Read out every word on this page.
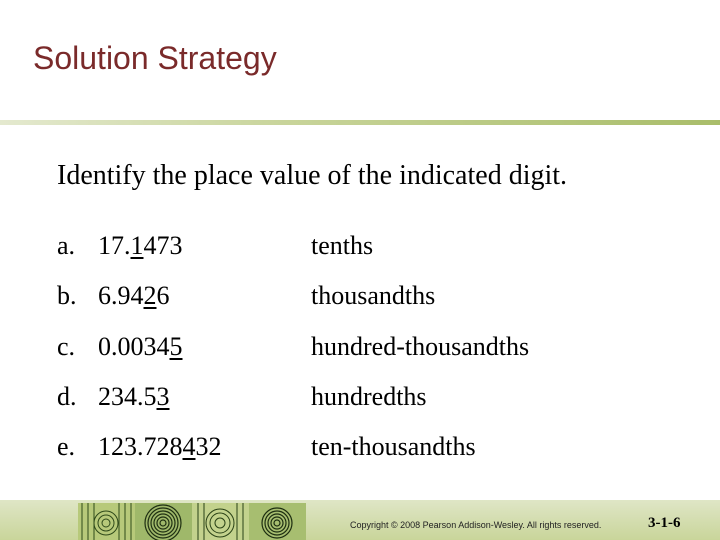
Solution Strategy
Identify the place value of the indicated digit.
a. 17.1473	tenths
b. 6.9426	thousandths
c. 0.00345	hundred-thousandths
d. 234.53	hundredths
e. 123.728432	ten-thousandths
Copyright © 2008 Pearson Addison-Wesley. All rights reserved.	3-1-6
